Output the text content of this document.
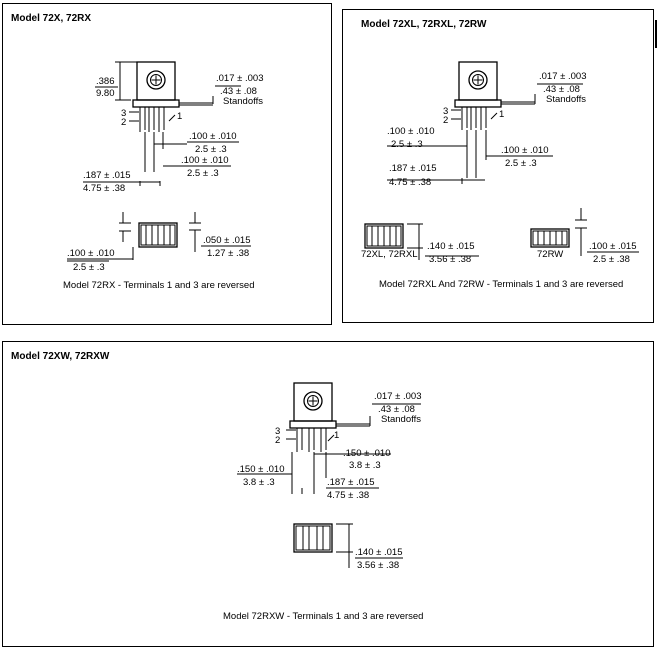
Model 72X, 72RX
3
2
1
.386
9.80
.017 ± .003
.43 ± .08
Standoffs
.100 ± .010
2.5 ± .3
.100 ± .010
2.5 ± .3
.187 ± .015
4.75 ± .38
.050 ± .015
1.27 ± .38
.100 ± .010
2.5 ± .3
Model 72RX - Terminals 1 and 3 are reversed
Model 72XL, 72RXL, 72RW
3
2
1
.017 ± .003
.43 ± .08
Standoffs
.100 ± .010
2.5 ± .3
.100 ± .010
2.5 ± .3
.187 ± .015
4.75 ± .38
72XL, 72RXL
.140 ± .015
3.56 ± .38	72RW
.100 ± .015
2.5 ± .38
Model 72RXL And 72RW - Terminals 1 and 3 are reversed
Model 72XW, 72RXW
3
2	1
.017 ± .003
.43 ± .08
Standoffs
.150 ± .010
3.8 ± .3
.150 ± .010
3.8 ± .3	.187 ± .015
4.75 ± .38
.140 ± .015
3.56 ± .38
Model 72RXW - Terminals 1 and 3 are reversed
